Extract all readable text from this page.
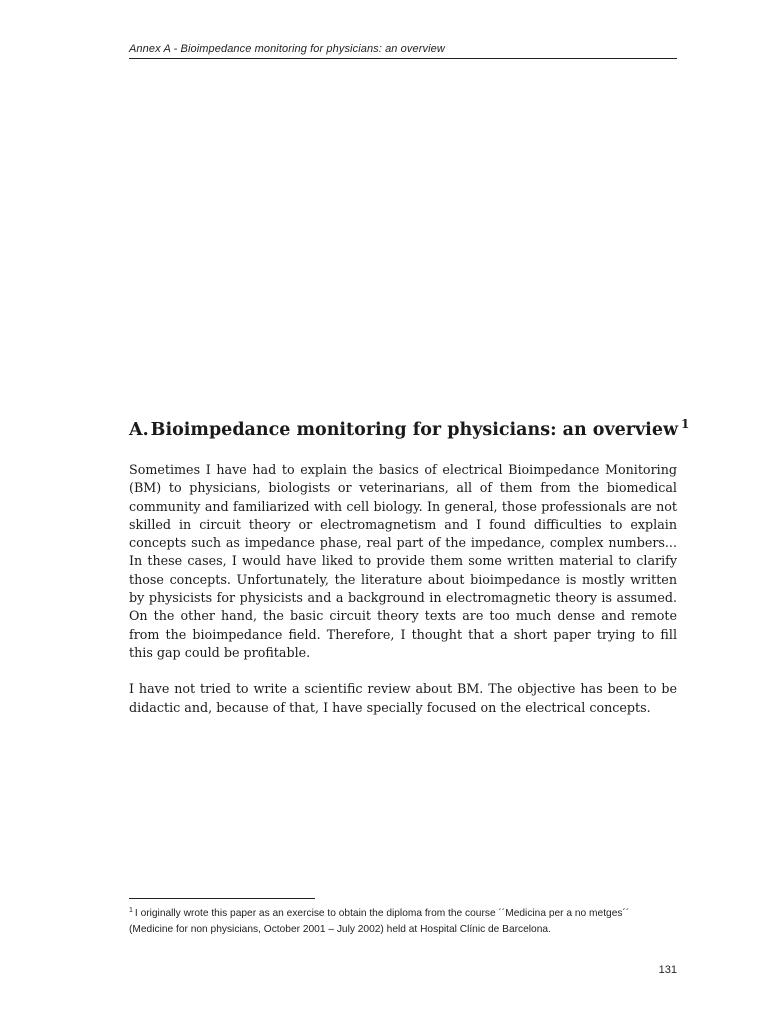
Annex A - Bioimpedance monitoring for physicians: an overview
A. Bioimpedance monitoring for physicians: an overview $^1$

Sometimes I have had to explain the basics of electrical Bioimpedance Monitoring (BM) to physicians, biologists or veterinarians, all of them from the biomedical community and familiarized with cell biology. In general, those professionals are not skilled in circuit theory or electromagnetism and I found difficulties to explain concepts such as impedance phase, real part of the impedance, complex numbers... In these cases, I would have liked to provide them some written material to clarify those concepts. Unfortunately, the literature about bioimpedance is mostly written by physicists for physicists and a background in electromagnetic theory is assumed. On the other hand, the basic circuit theory texts are too much dense and remote from the bioimpedance field. Therefore, I thought that a short paper trying to fill this gap could be profitable.

I have not tried to write a scientific review about BM. The objective has been to be didactic and, because of that, I have specially focused on the electrical concepts.

$^1$ I originally wrote this paper as an exercise to obtain the diploma from the course ´´Medicina per a no metges´´ (Medicine for non physicians, October 2001 – July 2002) held at Hospital Clínic de Barcelona.
131
